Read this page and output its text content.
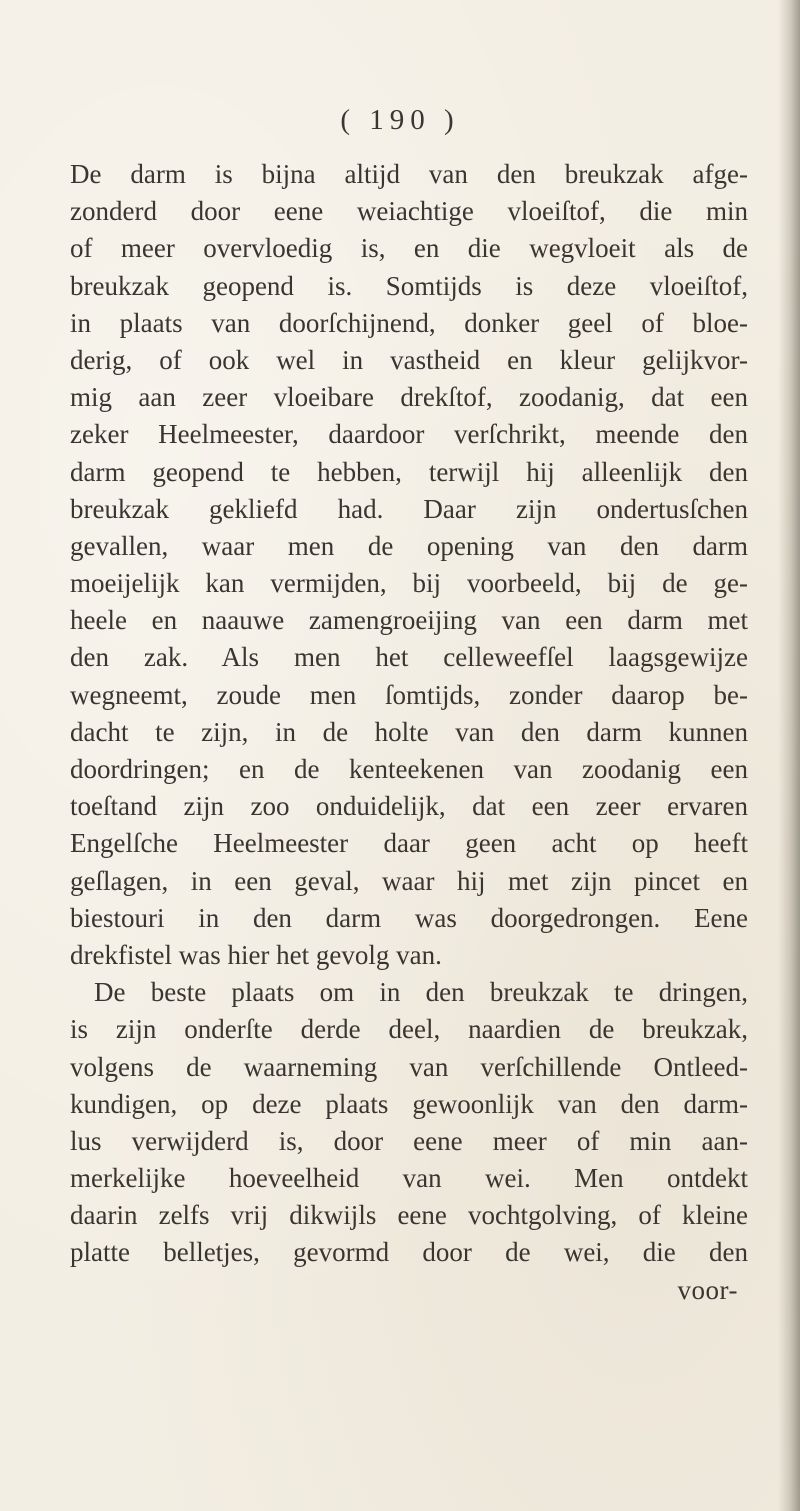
( 190 )
De darm is bijna altijd van den breukzak afge-
zonderd door eene weiachtige vloeiſtof, die min
of meer overvloedig is, en die wegvloeit als de
breukzak geopend is. Somtijds is deze vloeiſtof,
in plaats van doorſchijnend, donker geel of bloe-
derig, of ook wel in vastheid en kleur gelijkvor-
mig aan zeer vloeibare drekſtof, zoodanig, dat een
zeker Heelmeester, daardoor verſchrikt, meende den
darm geopend te hebben, terwijl hij alleenlijk den
breukzak gekliefd had. Daar zijn ondertusſchen
gevallen, waar men de opening van den darm
moeijelijk kan vermijden, bij voorbeeld, bij de ge-
heele en naauwe zamengroeijing van een darm met
den zak. Als men het celleweefſel laagsgewijze
wegneemt, zoude men ſomtijds, zonder daarop be-
dacht te zijn, in de holte van den darm kunnen
doordringen; en de kenteekenen van zoodanig een
toeſtand zijn zoo onduidelijk, dat een zeer ervaren
Engelſche Heelmeester daar geen acht op heeft
geſlagen, in een geval, waar hij met zijn pincet en
biestouri in den darm was doorgedrongen. Eene
drekfistel was hier het gevolg van.
De beste plaats om in den breukzak te dringen,
is zijn onderſte derde deel, naardien de breukzak,
volgens de waarneming van verſchillende Ontleed-
kundigen, op deze plaats gewoonlijk van den darm-
lus verwijderd is, door eene meer of min aan-
merkelijke hoeveelheid van wei. Men ontdekt
daarin zelfs vrij dikwijls eene vochtgolving, of kleine
platte belletjes, gevormd door de wei, die den
voor-
